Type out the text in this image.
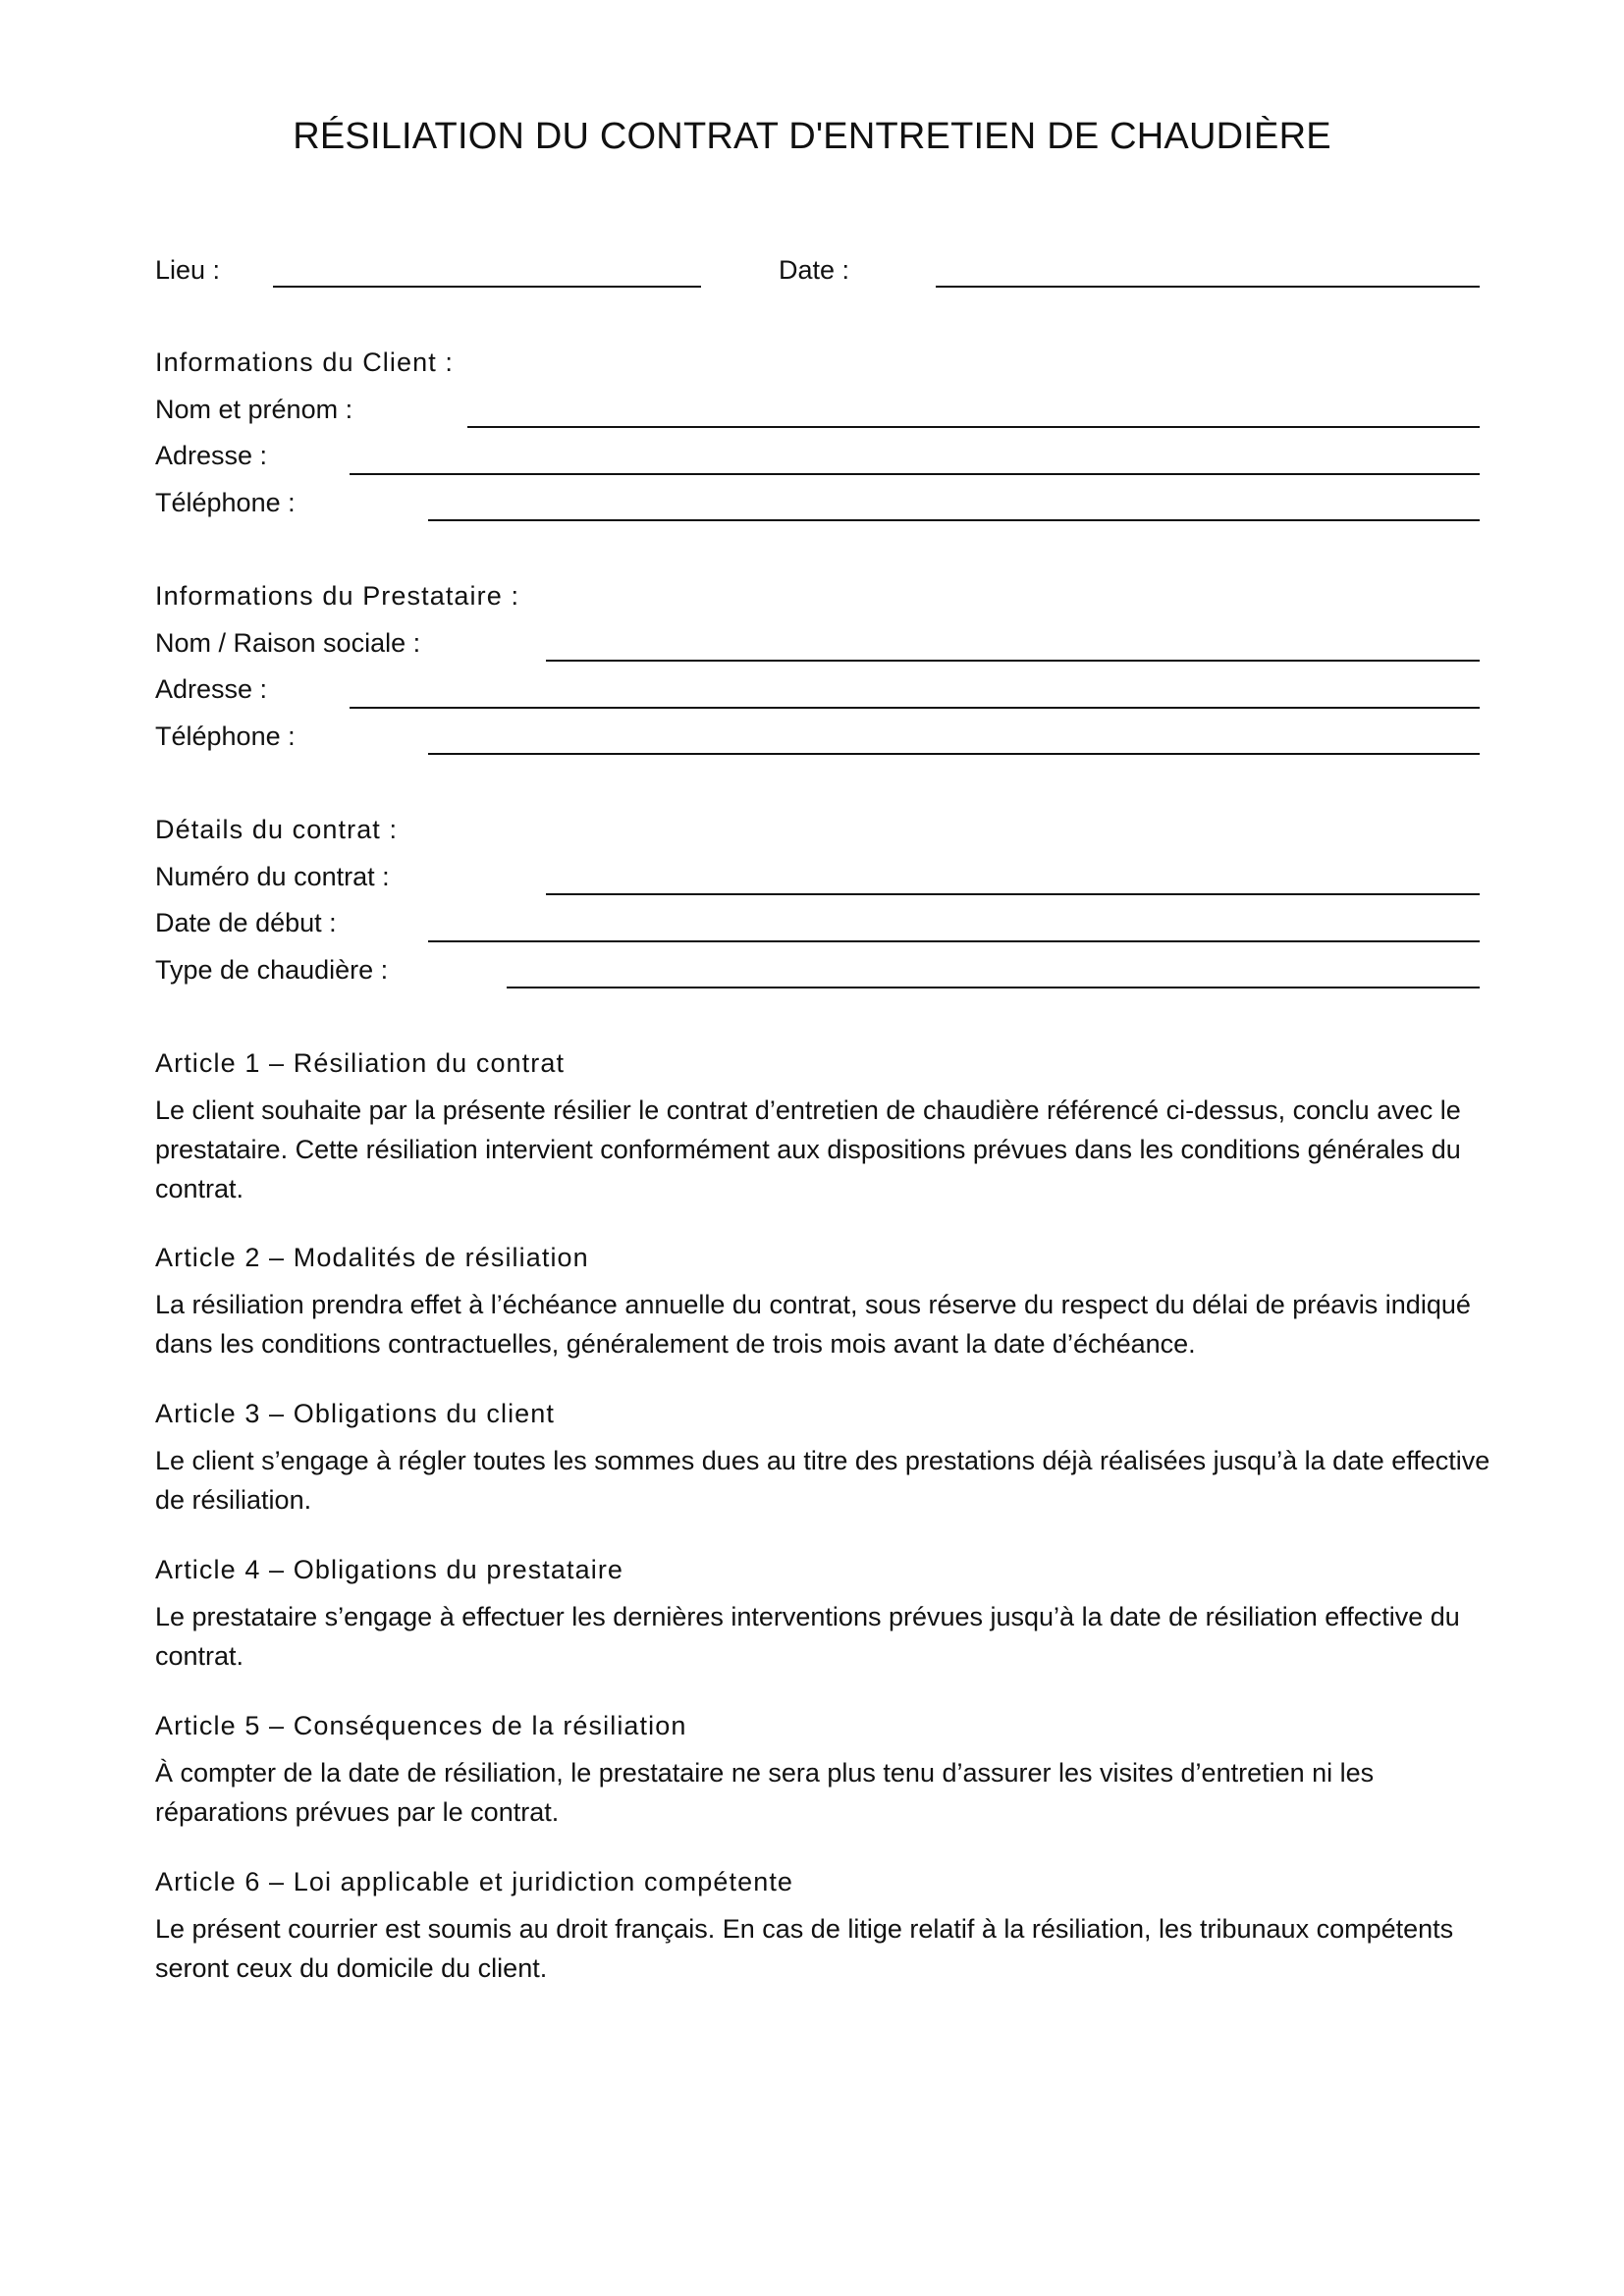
RÉSILIATION DU CONTRAT D'ENTRETIEN DE CHAUDIÈRE
Lieu :	Date :
Informations du Client :
Nom et prénom :
Adresse :
Téléphone :
Informations du Prestataire :
Nom / Raison sociale :
Adresse :
Téléphone :
Détails du contrat :
Numéro du contrat :
Date de début :
Type de chaudière :
Article 1 – Résiliation du contrat
Le client souhaite par la présente résilier le contrat d’entretien de chaudière référencé ci-dessus, conclu avec le prestataire. Cette résiliation intervient conformément aux dispositions prévues dans les conditions générales du contrat.
Article 2 – Modalités de résiliation
La résiliation prendra effet à l’échéance annuelle du contrat, sous réserve du respect du délai de préavis indiqué dans les conditions contractuelles, généralement de trois mois avant la date d’échéance.
Article 3 – Obligations du client
Le client s’engage à régler toutes les sommes dues au titre des prestations déjà réalisées jusqu’à la date effective de résiliation.
Article 4 – Obligations du prestataire
Le prestataire s’engage à effectuer les dernières interventions prévues jusqu’à la date de résiliation effective du contrat.
Article 5 – Conséquences de la résiliation
À compter de la date de résiliation, le prestataire ne sera plus tenu d’assurer les visites d’entretien ni les réparations prévues par le contrat.
Article 6 – Loi applicable et juridiction compétente
Le présent courrier est soumis au droit français. En cas de litige relatif à la résiliation, les tribunaux compétents seront ceux du domicile du client.
